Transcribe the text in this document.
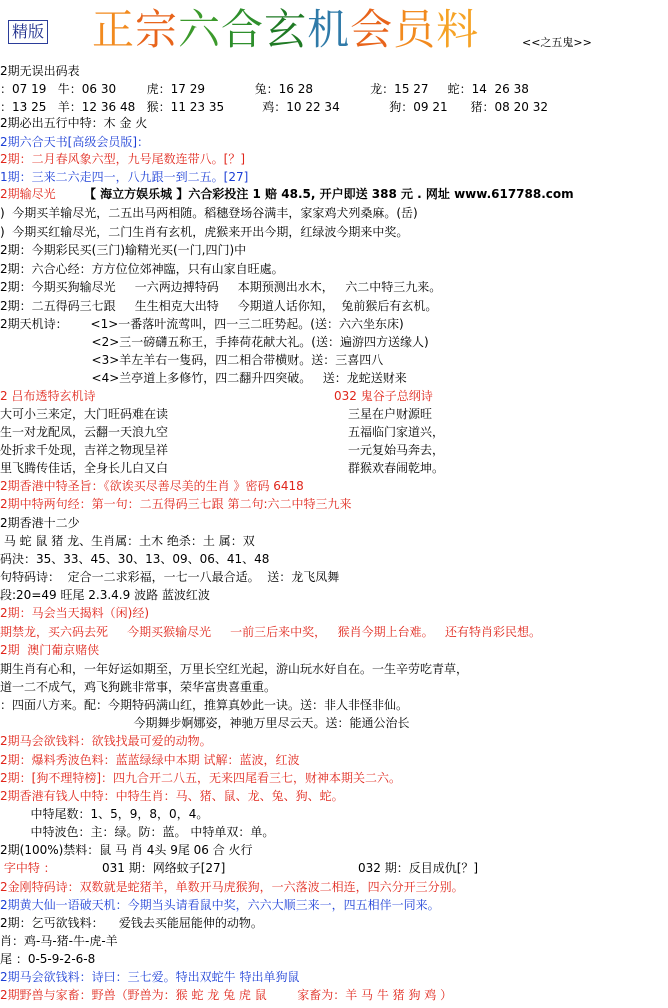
精版 正宗六合玄机会员料	<<之五鬼>>
2期无误出码表
：07 19   牛：06 30        虎：17 29             兔：16 28               龙：15 27     蛇：14  26 38
：13 25   羊：12 36 48   猴：11 23 35          鸡：10 22 34             狗：09 21      猪：08 20 32
2期必出五行中特：木 金 火
2期六合天书[高级会员版]：
2期：二月春风象六型，九号尾数连带八。[？]
1期：三来二六走四一，八九跟一到二五。[27]
2期输尽光 【 海立方娱乐城 】六合彩投注 1 赔 48.5, 开户即送 388 元 . 网址 www.617788.com
)  今期买羊输尽光，二五出马两相随。稻穗登场谷满丰，家家鸡犬列桑麻。(岳)
)  今期买红输尽光，二门生肖有玄机，虎猴来开出今期，红绿波今期来中奖。
2期：今期彩民买(三门)输精光买(一门,四门)中
2期：六合心经：方方位位郊神臨，只有山家自旺處。
2期：今期买狗输尽光     一六两边搏特码     本期预测出水木，   六二中特三九来。
2期：二五得码三七跟     生生相克大出特     今期道人话你知，  兔前猴后有玄机。
2期天机诗：      <1>一番落叶流莺叫，四一三二旺势起。(送：六六坐东床)
<2>三一磅礴五称王，手捧荷花献大礼。(送：遍游四方送缘人)
<3>羊左羊右一隻码，四二相合带横财。送：三喜四八
<4>兰亭道上多修竹，四二翻升四突破。   送：龙蛇送财来
2 吕布透特玄机诗	032 鬼谷子总纲诗
大可小三来定，大门旺码难在读	三星在户财源旺
生一对龙配凤，云翻一天浪九空	五福临门家道兴，
处折求千处现，吉祥之物现呈祥	一元复始马奔去，
里飞腾传佳话，全身长儿白又白	群猴欢春闹乾坤。
2期香港中特圣旨：《欲诶买尽善尽美的生肖 》密码 6418
2期中特两句经：第一句：二五得码三七跟 第二句:六二中特三九来
2期香港十二少
马 蛇 鼠 猪 龙、生肖属：土木 绝杀：土 属：双
码決：35、33、45、30、13、09、06、41、48
句特码诗：  定合一二求彩福，一七一八最合适。  送：龙飞凤舞
段:20=49 旺尾 2.3.4.9 波路 蓝波红波
2期：马会当天揭料（闲)经)
期禁龙，买六码去死     今期买猴输尽光     一前三后来中奖，   猴肖今期上台难。   还有特肖彩民想。
2期  澳门葡京赌侠
期生肖有心和，一年好运如期至，万里长空红光起，游山玩水好自在。一生辛劳吃青草，
道一二不成气，鸡飞狗跳非常事，荣华富贵喜重重。
：四面八方来。配：今期特码满山红，推算真妙此一诀。送：非人非怪非仙。
今期舞步婀娜姿，神驰万里尽云天。送：能通公治长
2期马会欲钱料：欲钱找最可爱的动物。
2期：爆料秀波色料：蓝蓝绿绿中本期 试解：蓝波，红波
2期：[狗不理特榜]：四九合开二八五，无来四尾看三七，财神本期关二六。
2期香港有钱人中特：中特生肖：马、猪、鼠、龙、兔、狗、蛇。
中特尾数：1、5，9，8，0，4。
中特波色：主：绿。防：蓝。 中特单双：单。
2期(100%)禁料：鼠 马 肖 4头 9尾 06 合 火行
字中特 ：	031 期：网络蚊子[27]	032 期：反目成仇[？]
2金刚特码诗：双数就是蛇猪羊，单数开马虎猴狗，一六落波二相连，四六分开三分别。
2期黄大仙一语破天机：今期当头请看鼠中奖，六六大顺三来一，四五相伴一同来。
2期：乞丐欲钱料：    爱钱去买能屈能伸的动物。
肖：鸡-马-猪-牛-虎-羊
尾 ：0-5-9-2-6-8
2期马会欲钱料：诗曰：三七爱。特出双蛇牛 特出单狗鼠
2期野兽与家畜：野兽（野兽为：猴 蛇 龙 兔 虎 鼠        家畜为：羊 马 牛 猪 狗 鸡 ）
